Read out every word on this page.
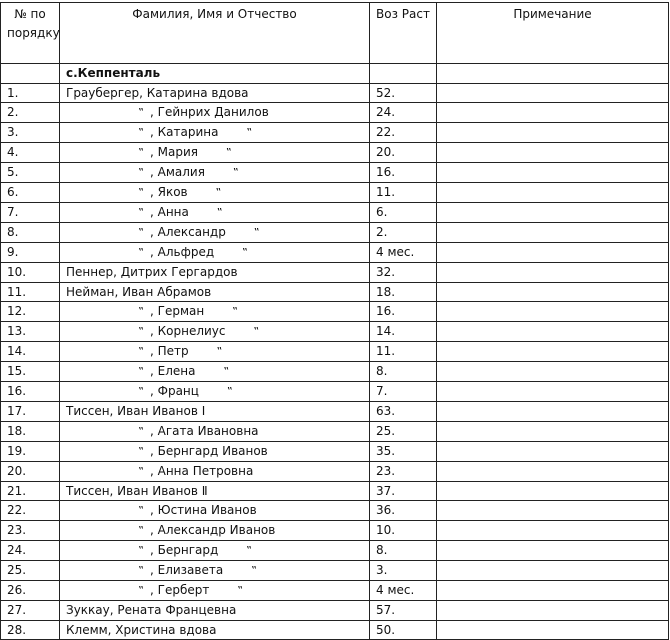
№ по порядку	Фамилия, Имя и Отчество	Воз Раст	Примечание
	с.Кеппенталь		
1.	Граубергер, Катарина вдова	52.	
2.	‟ , Гейнрих Данилов	24.	
3.	‟ , Катарина ‟	22.	
4.	‟ , Мария ‟	20.	
5.	‟ , Амалия ‟	16.	
6.	‟ , Яков ‟	11.	
7.	‟ , Анна ‟	6.	
8.	‟ , Александр ‟	2.	
9.	‟ , Альфред ‟	4 мес.	
10.	Пеннер, Дитрих Гергардов	32.	
11.	Нейман, Иван Абрамов	18.	
12.	‟ , Герман ‟	16.	
13.	‟ , Корнелиус ‟	14.	
14.	‟ , Петр ‟	11.	
15.	‟ , Елена ‟	8.	
16.	‟ , Франц ‟	7.	
17.	Тиссен, Иван Иванов I	63.	
18.	‟ , Агата Ивановна	25.	
19.	‟ , Бернгард Иванов	35.	
20.	‟ , Анна Петровна	23.	
21.	Тиссен, Иван Иванов Ⅱ	37.	
22.	‟ , Юстина Иванов	36.	
23.	‟ , Александр Иванов	10.	
24.	‟ , Бернгард ‟	8.	
25.	‟ , Елизавета ‟	3.	
26.	‟ , Герберт ‟	4 мес.	
27.	Зуккау, Рената Францевна	57.	
28.	Клемм, Христина вдова	50.	
